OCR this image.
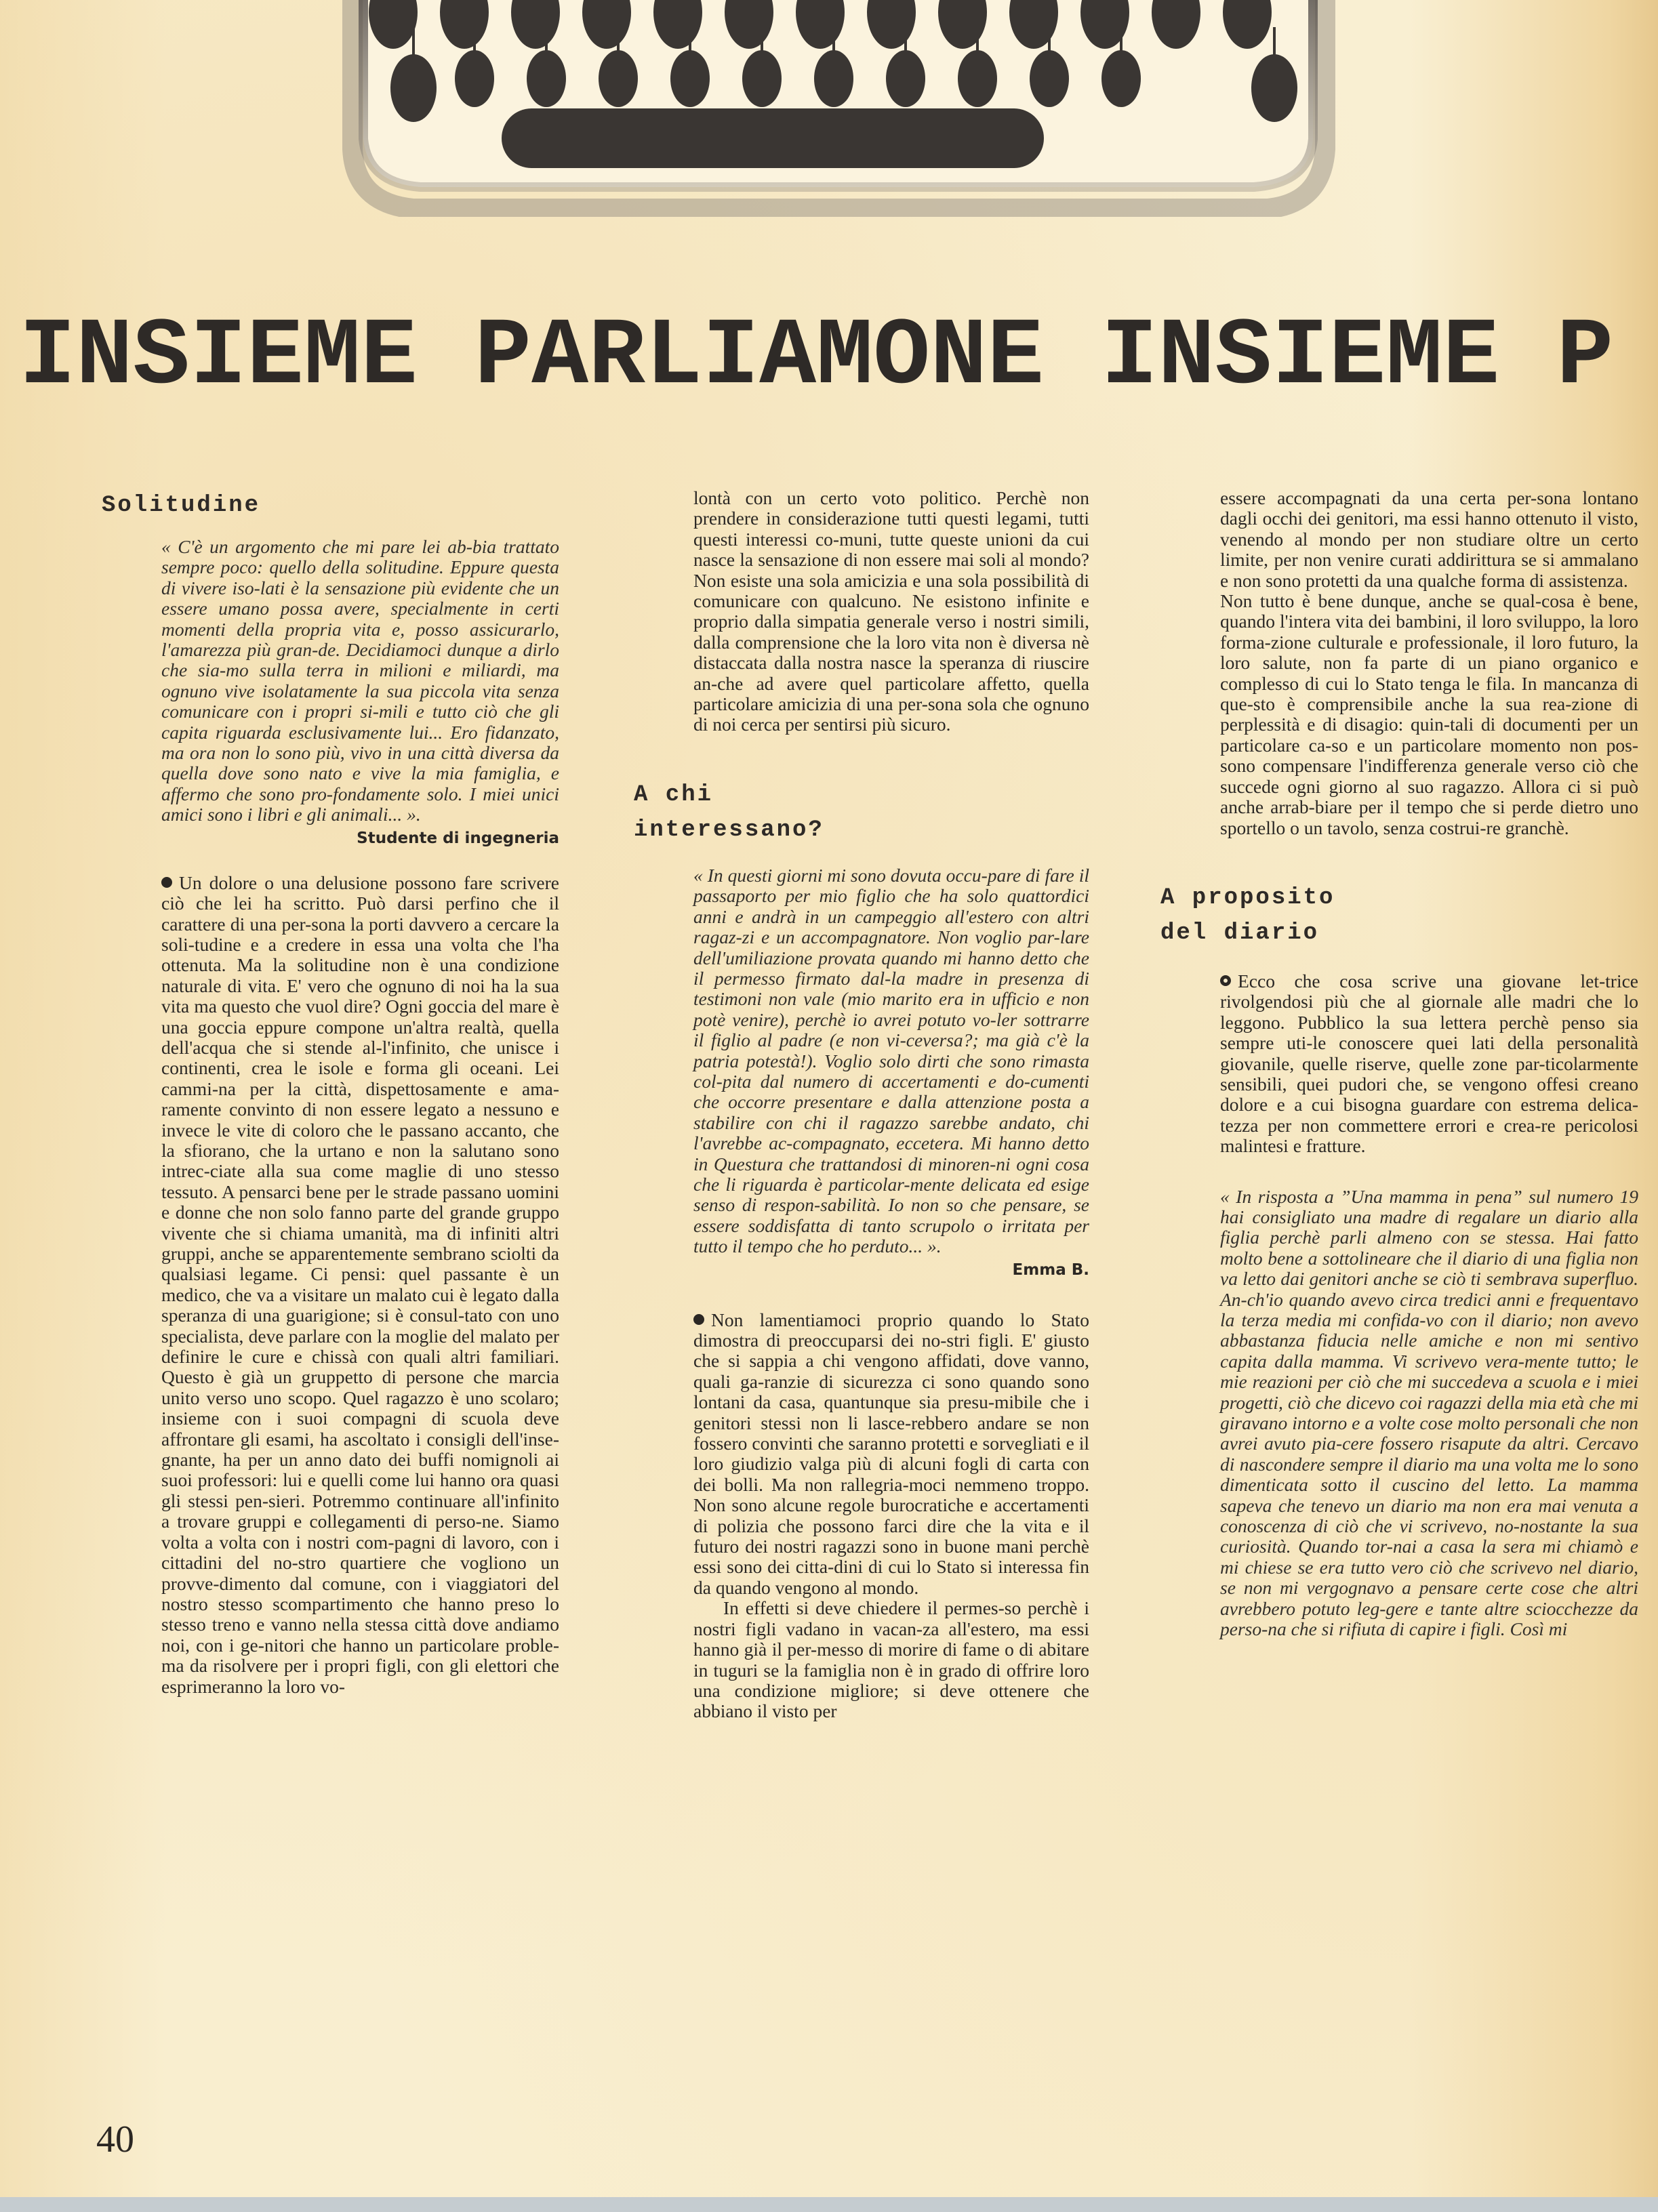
INSIEME PARLIAMONE INSIEME P
Solitudine

« C'è un argomento che mi pare lei ab-bia trattato sempre poco: quello della solitudine. Eppure questa di vivere iso-lati è la sensazione più evidente che un essere umano possa avere, specialmente in certi momenti della propria vita e, posso assicurarlo, l'amarezza più gran-de. Decidiamoci dunque a dirlo che sia-mo sulla terra in milioni e miliardi, ma ognuno vive isolatamente la sua piccola vita senza comunicare con i propri si-mili e tutto ciò che gli capita riguarda esclusivamente lui... Ero fidanzato, ma ora non lo sono più, vivo in una città diversa da quella dove sono nato e vive la mia famiglia, e affermo che sono pro-fondamente solo. I miei unici amici sono i libri e gli animali... ».

Studente di ingegneria

Un dolore o una delusione possono fare scrivere ciò che lei ha scritto. Può darsi perfino che il carattere di una per-sona la porti davvero a cercare la soli-tudine e a credere in essa una volta che l'ha ottenuta. Ma la solitudine non è una condizione naturale di vita. E' vero che ognuno di noi ha la sua vita ma questo che vuol dire? Ogni goccia del mare è una goccia eppure compone un'altra realtà, quella dell'acqua che si stende al-l'infinito, che unisce i continenti, crea le isole e forma gli oceani. Lei cammi-na per la città, dispettosamente e ama-ramente convinto di non essere legato a nessuno e invece le vite di coloro che le passano accanto, che la sfiorano, che la urtano e non la salutano sono intrec-ciate alla sua come maglie di uno stesso tessuto. A pensarci bene per le strade passano uomini e donne che non solo fanno parte del grande gruppo vivente che si chiama umanità, ma di infiniti altri gruppi, anche se apparentemente sembrano sciolti da qualsiasi legame. Ci pensi: quel passante è un medico, che va a visitare un malato cui è legato dalla speranza di una guarigione; si è consul-tato con uno specialista, deve parlare con la moglie del malato per definire le cure e chissà con quali altri familiari. Questo è già un gruppetto di persone che marcia unito verso uno scopo. Quel ragazzo è uno scolaro; insieme con i suoi compagni di scuola deve affrontare gli esami, ha ascoltato i consigli dell'inse-gnante, ha per un anno dato dei buffi nomignoli ai suoi professori: lui e quelli come lui hanno ora quasi gli stessi pen-sieri. Potremmo continuare all'infinito a trovare gruppi e collegamenti di perso-ne. Siamo volta a volta con i nostri com-pagni di lavoro, con i cittadini del no-stro quartiere che vogliono un provve-dimento dal comune, con i viaggiatori del nostro stesso scompartimento che hanno preso lo stesso treno e vanno nella stessa città dove andiamo noi, con i ge-nitori che hanno un particolare proble-ma da risolvere per i propri figli, con gli elettori che esprimeranno la loro vo-

lontà con un certo voto politico. Perchè non prendere in considerazione tutti questi legami, tutti questi interessi co-muni, tutte queste unioni da cui nasce la sensazione di non essere mai soli al mondo? Non esiste una sola amicizia e una sola possibilità di comunicare con qualcuno. Ne esistono infinite e proprio dalla simpatia generale verso i nostri simili, dalla comprensione che la loro vita non è diversa nè distaccata dalla nostra nasce la speranza di riuscire an-che ad avere quel particolare affetto, quella particolare amicizia di una per-sona sola che ognuno di noi cerca per sentirsi più sicuro.

A chi
interessano?

« In questi giorni mi sono dovuta occu-pare di fare il passaporto per mio figlio che ha solo quattordici anni e andrà in un campeggio all'estero con altri ragaz-zi e un accompagnatore. Non voglio par-lare dell'umiliazione provata quando mi hanno detto che il permesso firmato dal-la madre in presenza di testimoni non vale (mio marito era in ufficio e non potè venire), perchè io avrei potuto vo-ler sottrarre il figlio al padre (e non vi-ceversa?; ma già c'è la patria potestà!). Voglio solo dirti che sono rimasta col-pita dal numero di accertamenti e do-cumenti che occorre presentare e dalla attenzione posta a stabilire con chi il ragazzo sarebbe andato, chi l'avrebbe ac-compagnato, eccetera. Mi hanno detto in Questura che trattandosi di minoren-ni ogni cosa che li riguarda è particolar-mente delicata ed esige senso di respon-sabilità. Io non so che pensare, se essere soddisfatta di tanto scrupolo o irritata per tutto il tempo che ho perduto... ».

Emma B.

Non lamentiamoci proprio quando lo Stato dimostra di preoccuparsi dei no-stri figli. E' giusto che si sappia a chi vengono affidati, dove vanno, quali ga-ranzie di sicurezza ci sono quando sono lontani da casa, quantunque sia presu-mibile che i genitori stessi non li lasce-rebbero andare se non fossero convinti che saranno protetti e sorvegliati e il loro giudizio valga più di alcuni fogli di carta con dei bolli. Ma non rallegria-moci nemmeno troppo. Non sono alcune regole burocratiche e accertamenti di polizia che possono farci dire che la vita e il futuro dei nostri ragazzi sono in buone mani perchè essi sono dei citta-dini di cui lo Stato si interessa fin da quando vengono al mondo.

In effetti si deve chiedere il permes-so perchè i nostri figli vadano in vacan-za all'estero, ma essi hanno già il per-messo di morire di fame o di abitare in tuguri se la famiglia non è in grado di offrire loro una condizione migliore; si deve ottenere che abbiano il visto per

essere accompagnati da una certa per-sona lontano dagli occhi dei genitori, ma essi hanno ottenuto il visto, venendo al mondo per non studiare oltre un certo limite, per non venire curati addirittura se si ammalano e non sono protetti da una qualche forma di assistenza.

Non tutto è bene dunque, anche se qual-cosa è bene, quando l'intera vita dei bambini, il loro sviluppo, la loro forma-zione culturale e professionale, il loro futuro, la loro salute, non fa parte di un piano organico e complesso di cui lo Stato tenga le fila. In mancanza di que-sto è comprensibile anche la sua rea-zione di perplessità e di disagio: quin-tali di documenti per un particolare ca-so e un particolare momento non pos-sono compensare l'indifferenza generale verso ciò che succede ogni giorno al suo ragazzo. Allora ci si può anche arrab-biare per il tempo che si perde dietro uno sportello o un tavolo, senza costrui-re granchè.

A proposito
del diario

Ecco che cosa scrive una giovane let-trice rivolgendosi più che al giornale alle madri che lo leggono. Pubblico la sua lettera perchè penso sia sempre uti-le conoscere quei lati della personalità giovanile, quelle riserve, quelle zone par-ticolarmente sensibili, quei pudori che, se vengono offesi creano dolore e a cui bisogna guardare con estrema delica-tezza per non commettere errori e crea-re pericolosi malintesi e fratture.

« In risposta a ”Una mamma in pena” sul numero 19 hai consigliato una madre di regalare un diario alla figlia perchè parli almeno con se stessa. Hai fatto molto bene a sottolineare che il diario di una figlia non va letto dai genitori anche se ciò ti sembrava superfluo. An-ch'io quando avevo circa tredici anni e frequentavo la terza media mi confida-vo con il diario; non avevo abbastanza fiducia nelle amiche e non mi sentivo capita dalla mamma. Vi scrivevo vera-mente tutto; le mie reazioni per ciò che mi succedeva a scuola e i miei progetti, ciò che dicevo coi ragazzi della mia età che mi giravano intorno e a volte cose molto personali che non avrei avuto pia-cere fossero risapute da altri. Cercavo di nascondere sempre il diario ma una volta me lo sono dimenticata sotto il cuscino del letto. La mamma sapeva che tenevo un diario ma non era mai venuta a conoscenza di ciò che vi scrivevo, no-nostante la sua curiosità. Quando tor-nai a casa la sera mi chiamò e mi chiese se era tutto vero ciò che scrivevo nel diario, se non mi vergognavo a pensare certe cose che altri avrebbero potuto leg-gere e tante altre sciocchezze da perso-na che si rifiuta di capire i figli. Così mi

40
